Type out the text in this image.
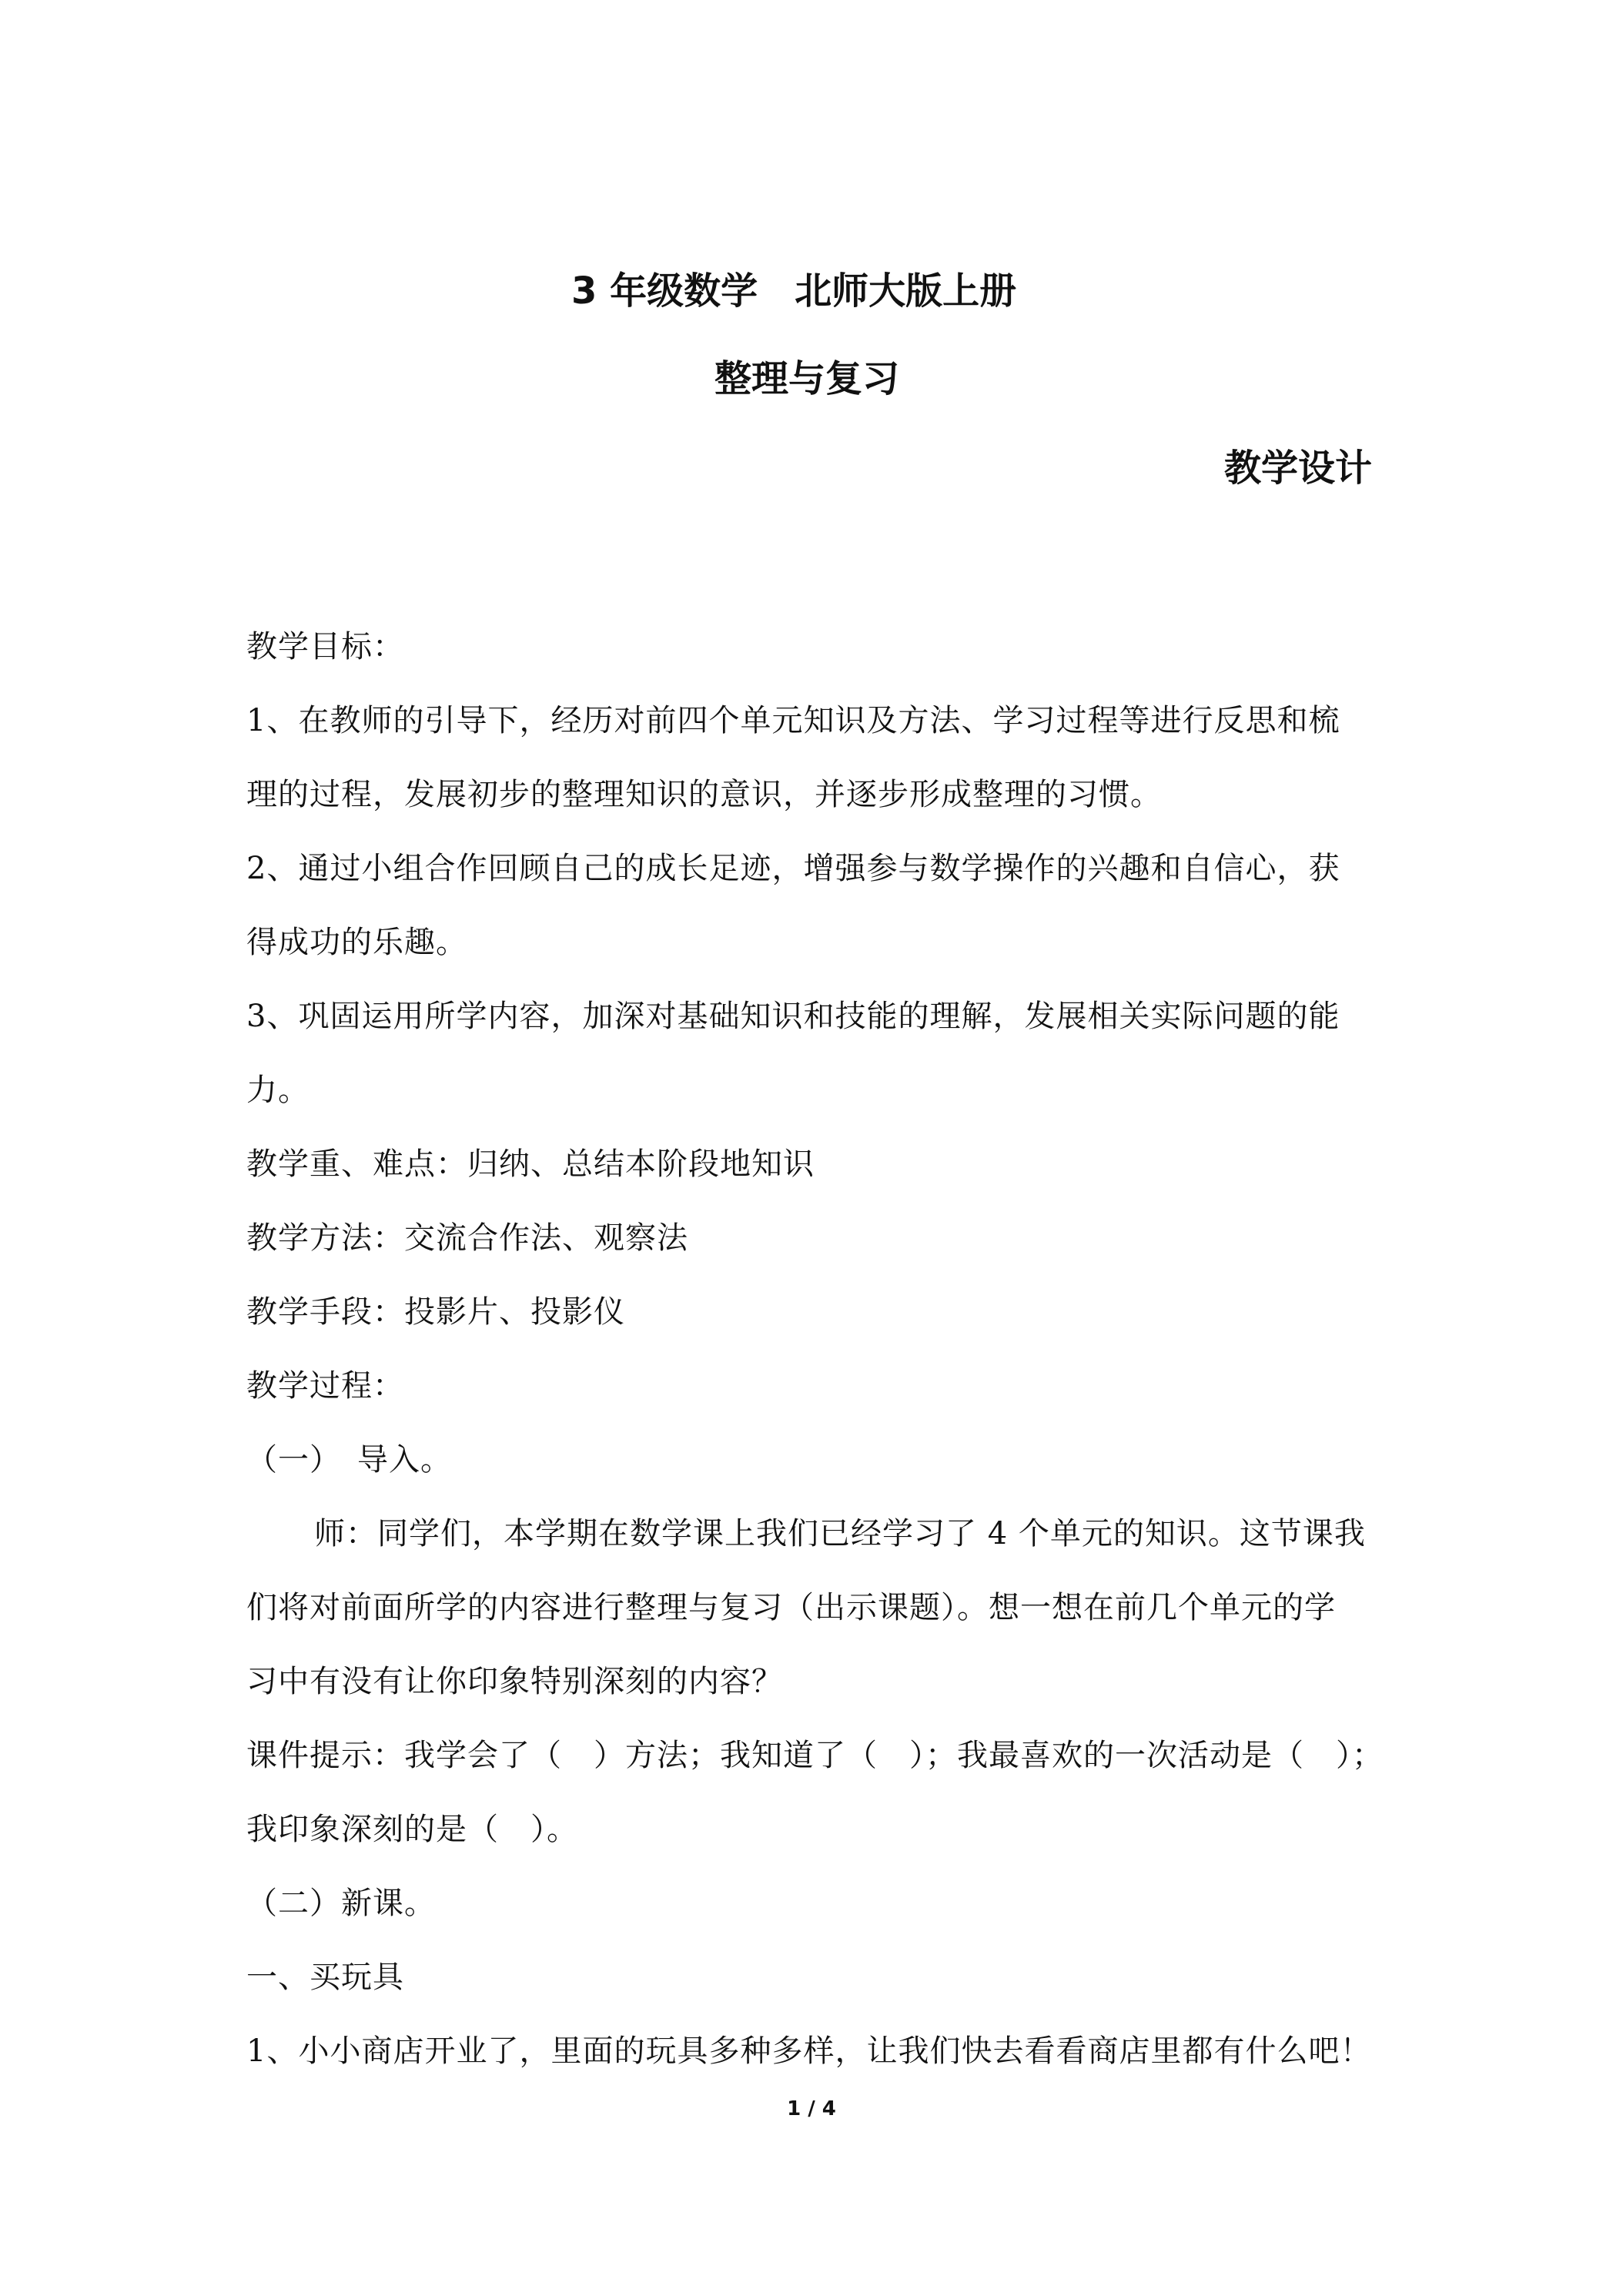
3 年级数学　北师大版上册
整理与复习
教学设计
教学目标：
1、在教师的引导下，经历对前四个单元知识及方法、学习过程等进行反思和梳
理的过程，发展初步的整理知识的意识，并逐步形成整理的习惯。
2、通过小组合作回顾自己的成长足迹，增强参与数学操作的兴趣和自信心，获
得成功的乐趣。
3、巩固运用所学内容，加深对基础知识和技能的理解，发展相关实际问题的能
力。
教学重、难点：归纳、总结本阶段地知识
教学方法：交流合作法、观察法
教学手段：投影片、投影仪
教学过程：
（一）　导入。
师：同学们，本学期在数学课上我们已经学习了 4 个单元的知识。这节课我
们将对前面所学的内容进行整理与复习（出示课题）。想一想在前几个单元的学
习中有没有让你印象特别深刻的内容？
课件提示：我学会了（　）方法；我知道了（　）；我最喜欢的一次活动是（　）；
我印象深刻的是（　）。
（二）新课。
一、买玩具
1、小小商店开业了，里面的玩具多种多样，让我们快去看看商店里都有什么吧！
1 / 4
